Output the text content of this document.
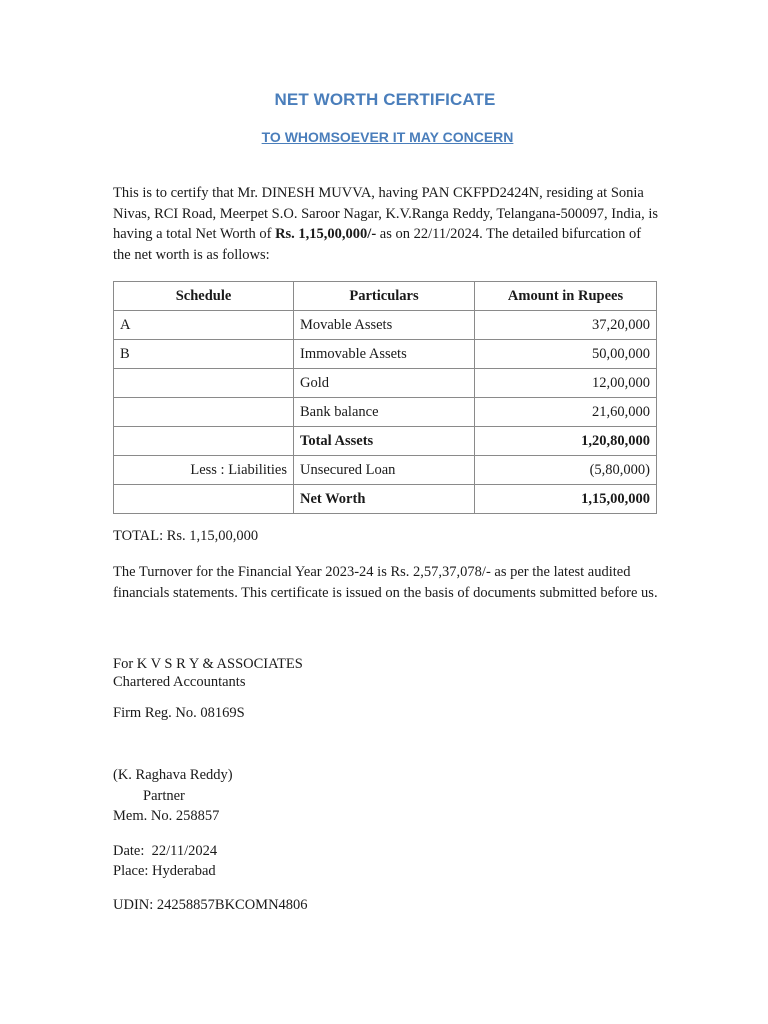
NET WORTH CERTIFICATE
TO WHOMSOEVER IT MAY CONCERN
This is to certify that Mr. DINESH MUVVA, having PAN CKFPD2424N, residing at Sonia Nivas, RCI Road, Meerpet S.O. Saroor Nagar, K.V.Ranga Reddy, Telangana-500097, India, is having a total Net Worth of Rs. 1,15,00,000/- as on 22/11/2024. The detailed bifurcation of the net worth is as follows:
Schedule	Particulars	Amount in Rupees
A	Movable Assets	37,20,000
B	Immovable Assets	50,00,000
	Gold	12,00,000
	Bank balance	21,60,000
	Total Assets	1,20,80,000
Less : Liabilities	Unsecured Loan	(5,80,000)
	Net Worth	1,15,00,000
TOTAL: Rs. 1,15,00,000
The Turnover for the Financial Year 2023-24 is Rs. 2,57,37,078/- as per the latest audited financials statements. This certificate is issued on the basis of documents submitted before us.
For K V S R Y & ASSOCIATES
Chartered Accountants
Firm Reg. No. 08169S
(K. Raghava Reddy)
Partner
Mem. No. 258857
Date:  22/11/2024
Place: Hyderabad
UDIN: 24258857BKCOMN4806
